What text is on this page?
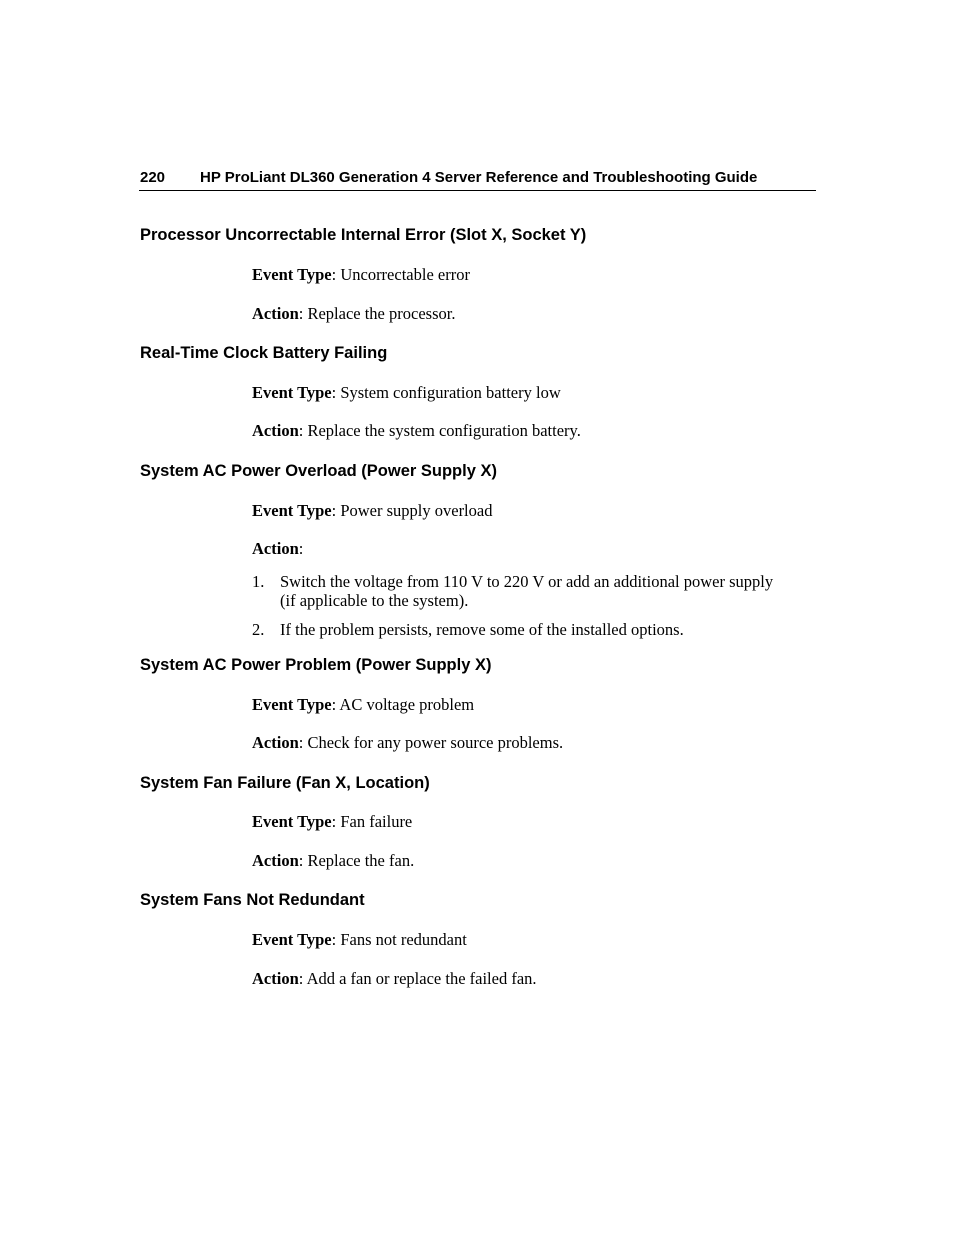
220 HP ProLiant DL360 Generation 4 Server Reference and Troubleshooting Guide
Processor Uncorrectable Internal Error (Slot X, Socket Y)
Event Type: Uncorrectable error
Action: Replace the processor.
Real-Time Clock Battery Failing
Event Type: System configuration battery low
Action: Replace the system configuration battery.
System AC Power Overload (Power Supply X)
Event Type: Power supply overload
Action:
1. Switch the voltage from 110 V to 220 V or add an additional power supply
(if applicable to the system).
2. If the problem persists, remove some of the installed options.
System AC Power Problem (Power Supply X)
Event Type: AC voltage problem
Action: Check for any power source problems.
System Fan Failure (Fan X, Location)
Event Type: Fan failure
Action: Replace the fan.
System Fans Not Redundant
Event Type: Fans not redundant
Action: Add a fan or replace the failed fan.
